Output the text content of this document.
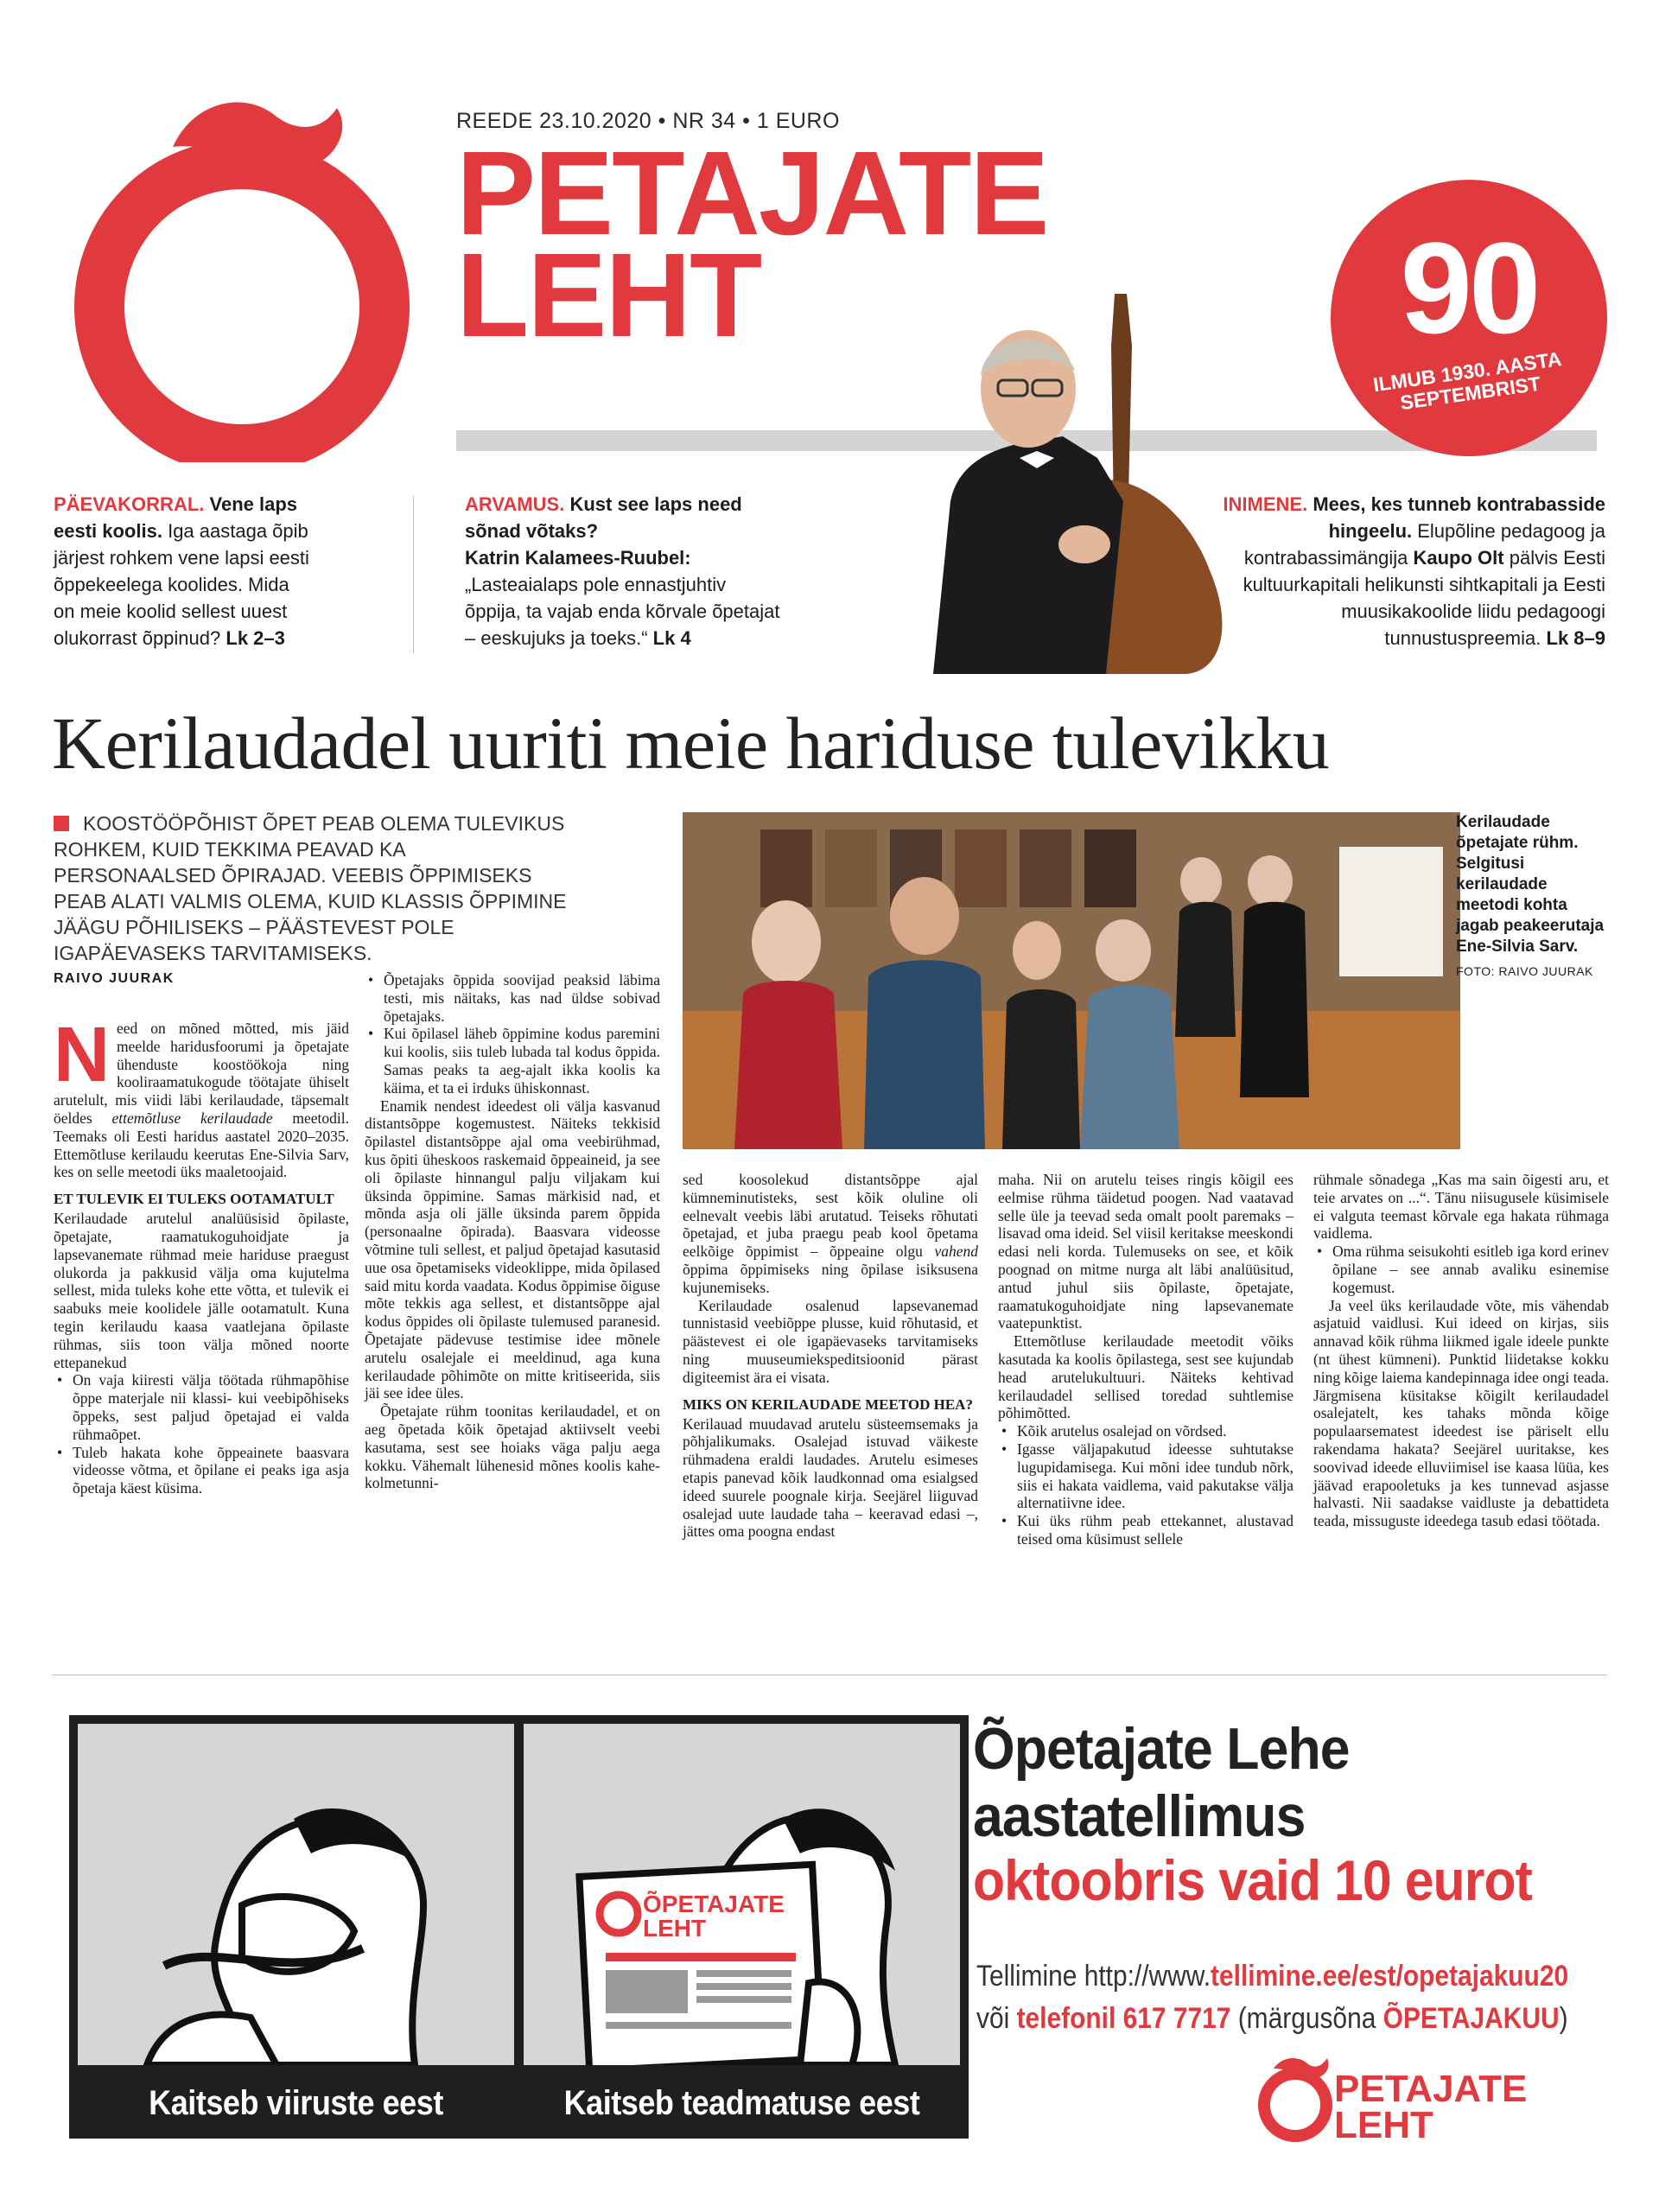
REEDE 23.10.2020 • NR 34 • 1 EURO
PETAJATE
LEHT	90
ILMUB 1930. AASTA SEPTEMBRIST
PÄEVAKORRAL. Vene laps eesti koolis. Iga aastaga õpib järjest rohkem vene lapsi eesti õppekeelega koolides. Mida on meie koolid sellest uuest olukorrast õppinud? Lk 2–3
ARVAMUS. Kust see laps need sõnad võtaks?
Katrin Kalamees-Ruubel:
„Lasteaialaps pole ennastjuhtiv õppija, ta vajab enda kõrvale õpetajat – eeskujuks ja toeks.“ Lk 4
INIMENE. Mees, kes tunneb kontrabasside hingeelu. Elupõline pedagoog ja kontrabassimängija Kaupo Olt pälvis Eesti kultuurkapitali helikunsti sihtkapitali ja Eesti muusikakoolide liidu pedagoogi tunnustuspreemia. Lk 8–9
Kerilaudadel uuriti meie hariduse tulevikku
KOOSTÖÖPÕHIST ÕPET PEAB OLEMA TULEVIKUS ROHKEM, KUID TEKKIMA PEAVAD KA PERSONAALSED ÕPIRAJAD. VEEBIS ÕPPIMISEKS PEAB ALATI VALMIS OLEMA, KUID KLASSIS ÕPPIMINE JÄÄGU PÕHILISEKS – PÄÄSTEVEST POLE IGAPÄEVASEKS TARVITAMISEKS.
RAIVO JUURAK
Kerilaudade õpetajate rühm. Selgitusi kerilaudade meetodi kohta jagab peakeerutaja Ene-Silvia Sarv.
FOTO: RAIVO JUURAK

Need on mõned mõtted, mis jäid meelde haridusfoorumi ja õpetajate ühenduste koostöökoja ning kooliraamatukogude töötajate ühiselt arutelult, mis viidi läbi kerilaudade, täpsemalt öeldes ettemõtluse kerilaudade meetodil. Teemaks oli Eesti haridus aastatel 2020–2035. Ettemõtluse kerilaudu keerutas Ene-Silvia Sarv, kes on selle meetodi üks maaletoojaid.

ET TULEVIK EI TULEKS OOTAMATULT

Kerilaudade arutelul analüüsisid õpilaste, õpetajate, raamatukoguhoidjate ja lapsevanemate rühmad meie hariduse praegust olukorda ja pakkusid välja oma kujutelma sellest, mida tuleks kohe ette võtta, et tulevik ei saabuks meie koolidele jälle ootamatult. Kuna tegin kerilaudu kaasa vaatlejana õpilaste rühmas, siis toon välja mõned noorte ettepanekud

• On vaja kiiresti välja töötada rühmapõhise õppe materjale nii klassi- kui veebipõhiseks õppeks, sest paljud õpetajad ei valda rühmaõpet.

• Tuleb hakata kohe õppeainete baasvara videosse võtma, et õpilane ei peaks iga asja õpetaja käest küsima.

• Õpetajaks õppida soovijad peaksid läbima testi, mis näitaks, kas nad üldse sobivad õpetajaks.

• Kui õpilasel läheb õppimine kodus paremini kui koolis, siis tuleb lubada tal kodus õppida. Samas peaks ta aeg-ajalt ikka koolis ka käima, et ta ei irduks ühiskonnast.

Enamik nendest ideedest oli välja kasvanud distantsõppe kogemustest. Näiteks tekkisid õpilastel distantsõppe ajal oma veebirühmad, kus õpiti üheskoos raskemaid õppeaineid, ja see oli õpilaste hinnangul palju viljakam kui üksinda õppimine. Samas märkisid nad, et mõnda asja oli jälle üksinda parem õppida (personaalne õpirada). Baasvara videosse võtmine tuli sellest, et paljud õpetajad kasutasid uue osa õpetamiseks videoklippe, mida õpilased said mitu korda vaadata. Kodus õppimise õiguse mõte tekkis aga sellest, et distantsõppe ajal kodus õppides oli õpilaste tulemused paranesid. Õpetajate pädevuse testimise idee mõnele arutelu osalejale ei meeldinud, aga kuna kerilaudade põhimõte on mitte kritiseerida, siis jäi see idee üles.

Õpetajate rühm toonitas kerilaudadel, et on aeg õpetada kõik õpetajad aktiivselt veebi kasutama, sest see hoiaks väga palju aega kokku. Vähemalt lühenesid mõnes koolis kahe-kolmetunni-

sed koosolekud distantsõppe ajal kümneminutisteks, sest kõik oluline oli eelnevalt veebis läbi arutatud. Teiseks rõhutati õpetajad, et juba praegu peab kool õpetama eelkõige õppimist – õppeaine olgu vahend õppima õppimiseks ning õpilase isiksusena kujunemiseks.

Kerilaudade osalenud lapsevanemad tunnistasid veebiõppe plusse, kuid rõhutasid, et päästevest ei ole igapäevaseks tarvitamiseks ning muuseumiekspeditsioonid pärast digiteemist ära ei visata.

MIKS ON KERILAUDADE MEETOD HEA?

Kerilauad muudavad arutelu süsteemsemaks ja põhjalikumaks. Osalejad istuvad väikeste rühmadena eraldi laudades. Arutelu esimeses etapis panevad kõik laudkonnad oma esialgsed ideed suurele poognale kirja. Seejärel liiguvad osalejad uute laudade taha – keeravad edasi –, jättes oma poogna endast

maha. Nii on arutelu teises ringis kõigil ees eelmise rühma täidetud poogen. Nad vaatavad selle üle ja teevad seda omalt poolt paremaks – lisavad oma ideid. Sel viisil keritakse meeskondi edasi neli korda. Tulemuseks on see, et kõik poognad on mitme nurga alt läbi analüüsitud, antud juhul siis õpilaste, õpetajate, raamatukoguhoidjate ning lapsevanemate vaatepunktist.

Ettemõtluse kerilaudade meetodit võiks kasutada ka koolis õpilastega, sest see kujundab head arutelukultuuri. Näiteks kehtivad kerilaudadel sellised toredad suhtlemise põhimõtted.

• Kõik arutelus osalejad on võrdsed.

• Igasse väljapakutud ideesse suhtutakse lugupidamisega. Kui mõni idee tundub nõrk, siis ei hakata vaidlema, vaid pakutakse välja alternatiivne idee.

• Kui üks rühm peab ettekannet, alustavad teised oma küsimust sellele

rühmale sõnadega „Kas ma sain õigesti aru, et teie arvates on ...“. Tänu niisugusele küsimisele ei valguta teemast kõrvale ega hakata rühmaga vaidlema.

• Oma rühma seisukohti esitleb iga kord erinev õpilane – see annab avaliku esinemise kogemust.

Ja veel üks kerilaudade võte, mis vähendab asjatuid vaidlusi. Kui ideed on kirjas, siis annavad kõik rühma liikmed igale ideele punkte (nt ühest kümneni). Punktid liidetakse kokku ning kõige laiema kandepinnaga idee ongi teada. Järgmisena küsitakse kõigilt kerilaudadel osalejatelt, kes tahaks mõnda kõige populaarsematest ideedest ise päriselt ellu rakendama hakata? Seejärel uuritakse, kes soovivad ideede elluviimisel ise kaasa lüüa, kes jäävad erapooletuks ja kes tunnevad asjasse halvasti. Nii saadakse vaidluste ja debattideta teada, missuguste ideedega tasub edasi töötada.

Kaitseb viiruste eest
ÕPETAJATE
LEHT
Kaitseb teadmatuse eest
Õpetajate Lehe
aastatellimus
oktoobris vaid 10 eurot
Tellimine http://www.tellimine.ee/est/opetajakuu20
või telefonil 617 7717 (märgusõna ÕPETAJAKUU)
PETAJATE
LEHT
